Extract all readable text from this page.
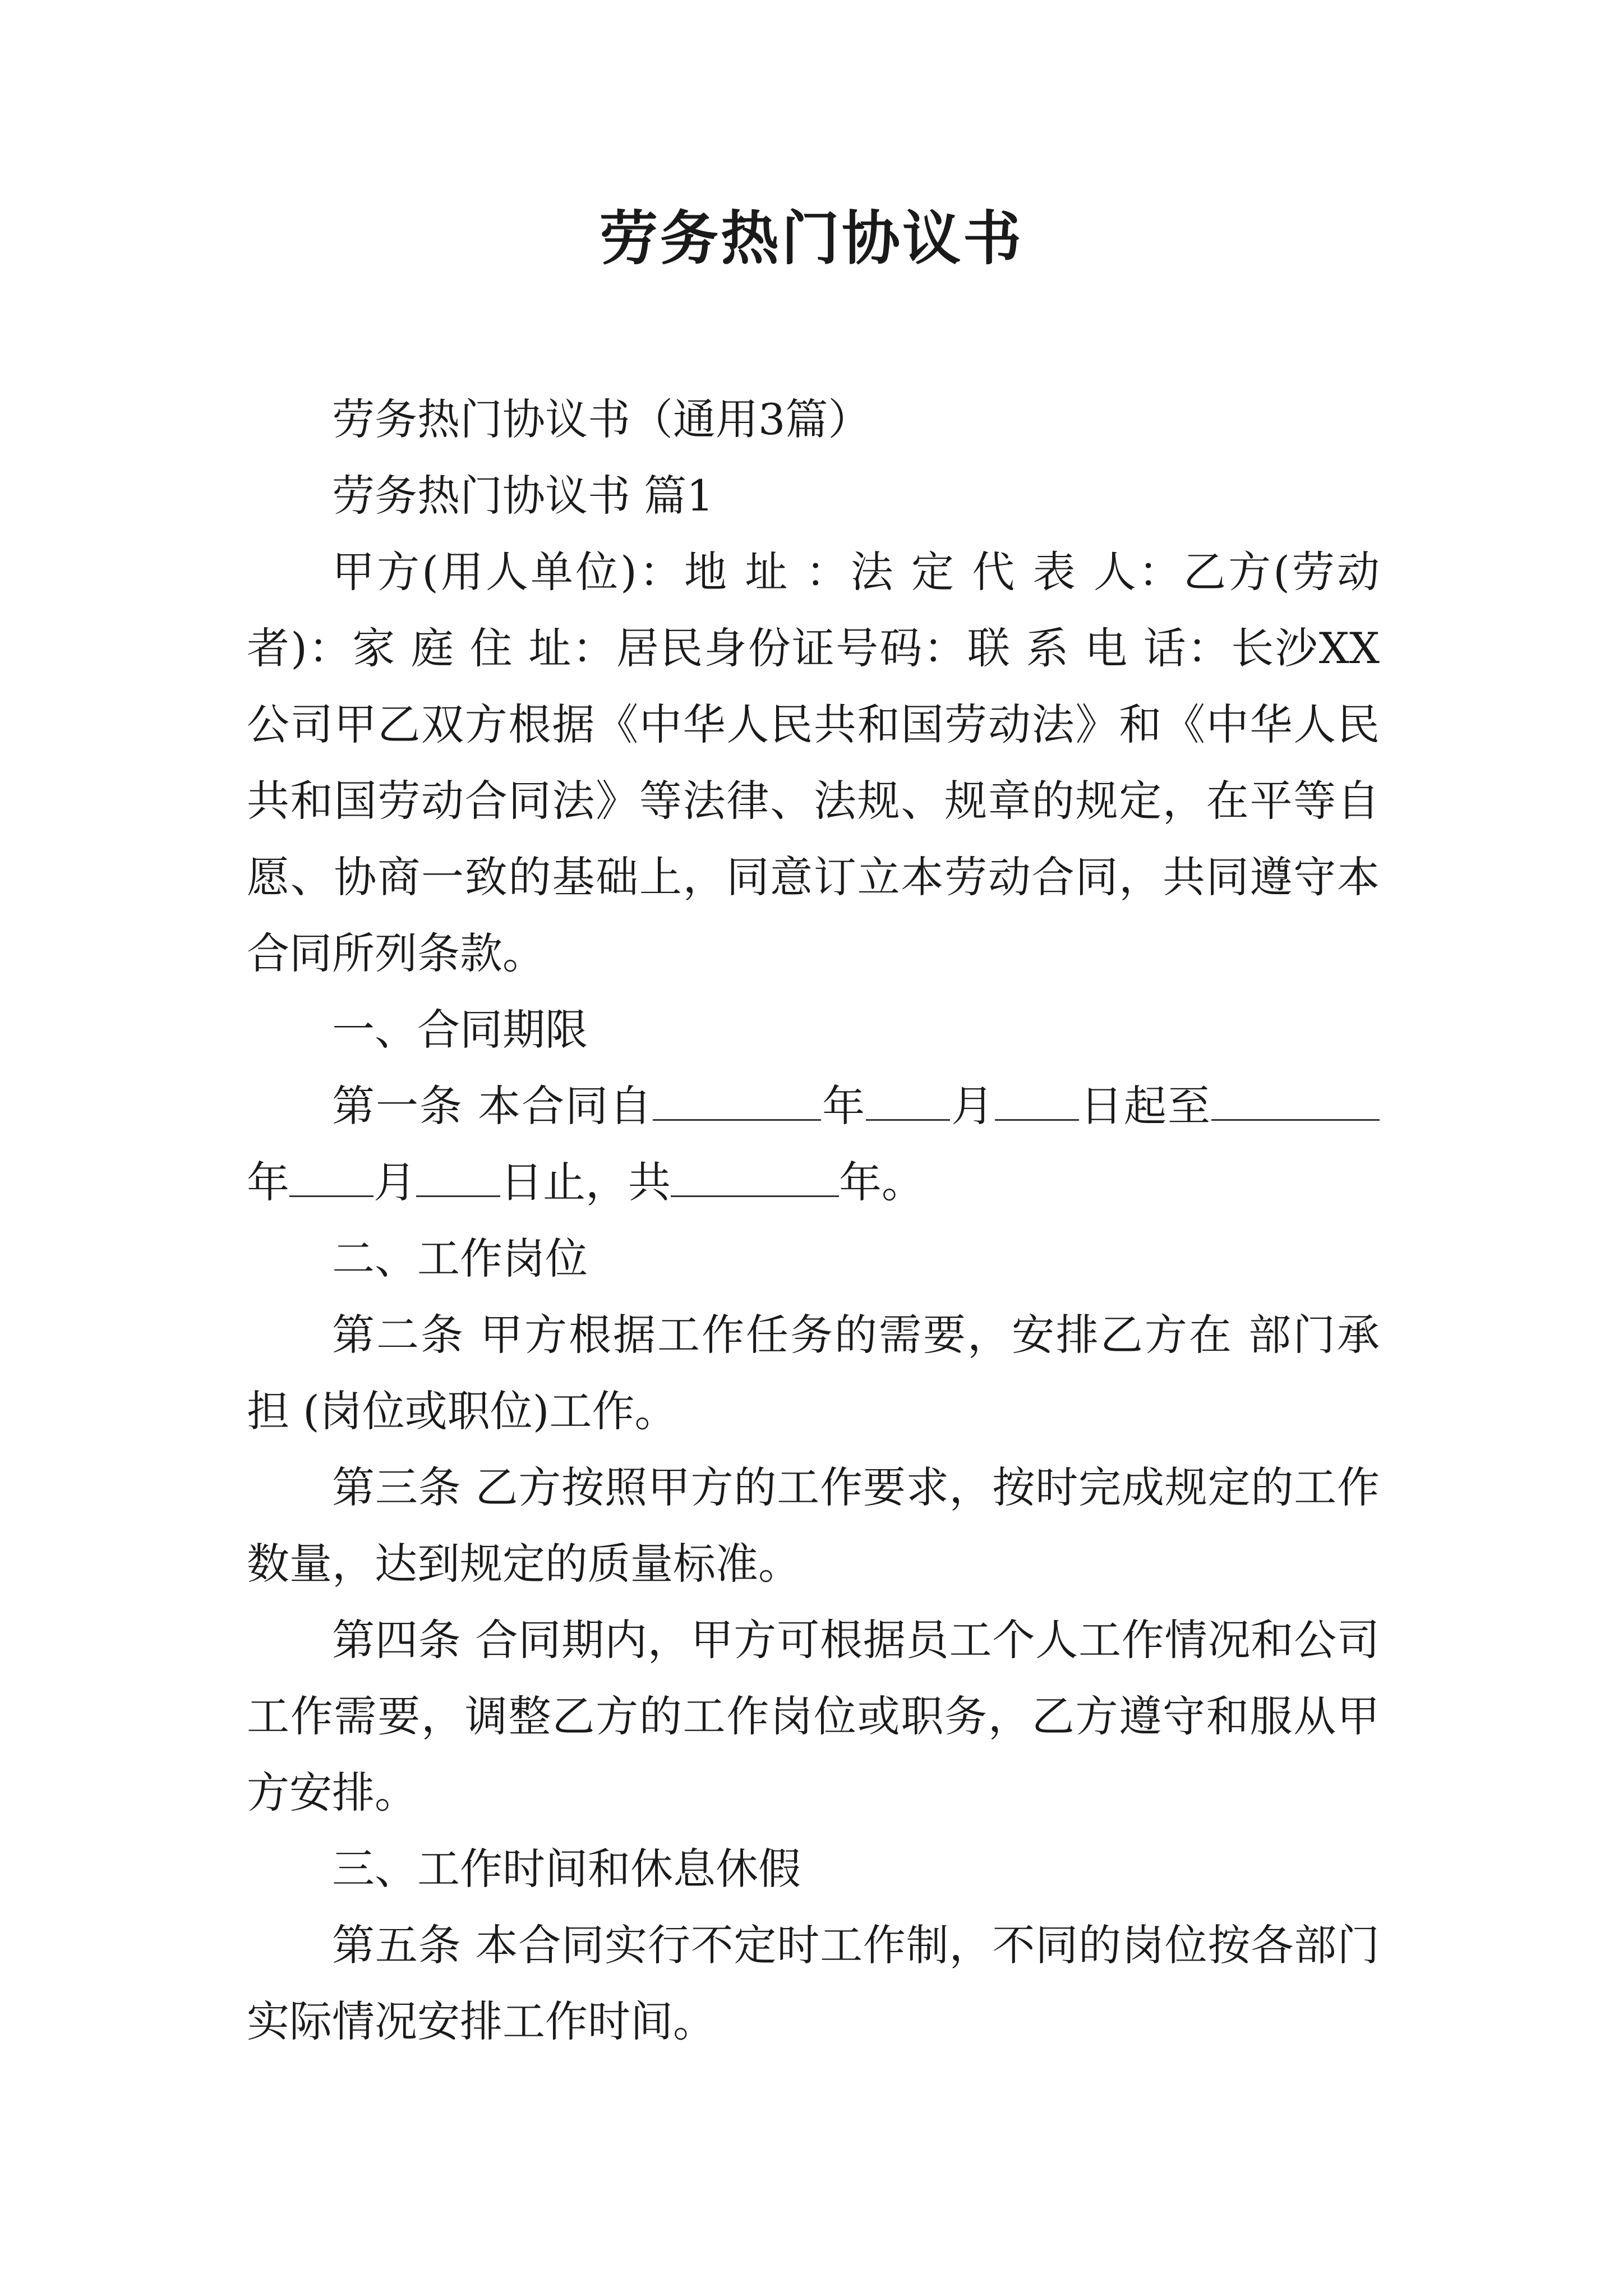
劳务热门协议书

劳务热门协议书（通用3篇）

劳务热门协议书 篇1

甲方(用人单位)：地 址 ：法 定 代 表 人：乙方(劳动者)：家 庭 住 址：居民身份证号码：联 系 电 话：长沙XX公司甲乙双方根据《中华人民共和国劳动法》和《中华人民共和国劳动合同法》等法律、法规、规章的规定，在平等自愿、协商一致的基础上，同意订立本劳动合同，共同遵守本合同所列条款。

一、合同期限

第一条 本合同自	年 月 日起至年 月 日止，共	年。

二、工作岗位

第二条 甲方根据工作任务的需要，安排乙方在 部门承担 (岗位或职位)工作。

第三条 乙方按照甲方的工作要求，按时完成规定的工作数量，达到规定的质量标准。

第四条 合同期内，甲方可根据员工个人工作情况和公司工作需要，调整乙方的工作岗位或职务，乙方遵守和服从甲方安排。

三、工作时间和休息休假

第五条 本合同实行不定时工作制，不同的岗位按各部门实际情况安排工作时间。
